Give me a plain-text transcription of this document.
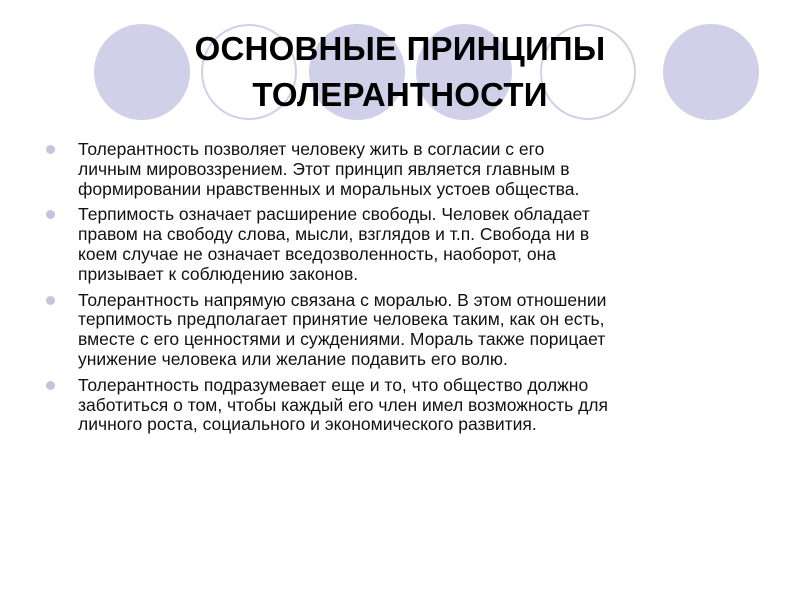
ОСНОВНЫЕ ПРИНЦИПЫ
ТОЛЕРАНТНОСТИ
Толерантность позволяет человеку жить в согласии с его
личным мировоззрением. Этот принцип является главным в
формировании нравственных и моральных устоев общества.
Терпимость означает расширение свободы. Человек обладает
правом на свободу слова, мысли, взглядов и т.п. Свобода ни в
коем случае не означает вседозволенность, наоборот, она
призывает к соблюдению законов.
Толерантность напрямую связана с моралью. В этом отношении
терпимость предполагает принятие человека таким, как он есть,
вместе с его ценностями и суждениями. Мораль также порицает
унижение человека или желание подавить его волю.
Толерантность подразумевает еще и то, что общество должно
заботиться о том, чтобы каждый его член имел возможность для
личного роста, социального и экономического развития.
